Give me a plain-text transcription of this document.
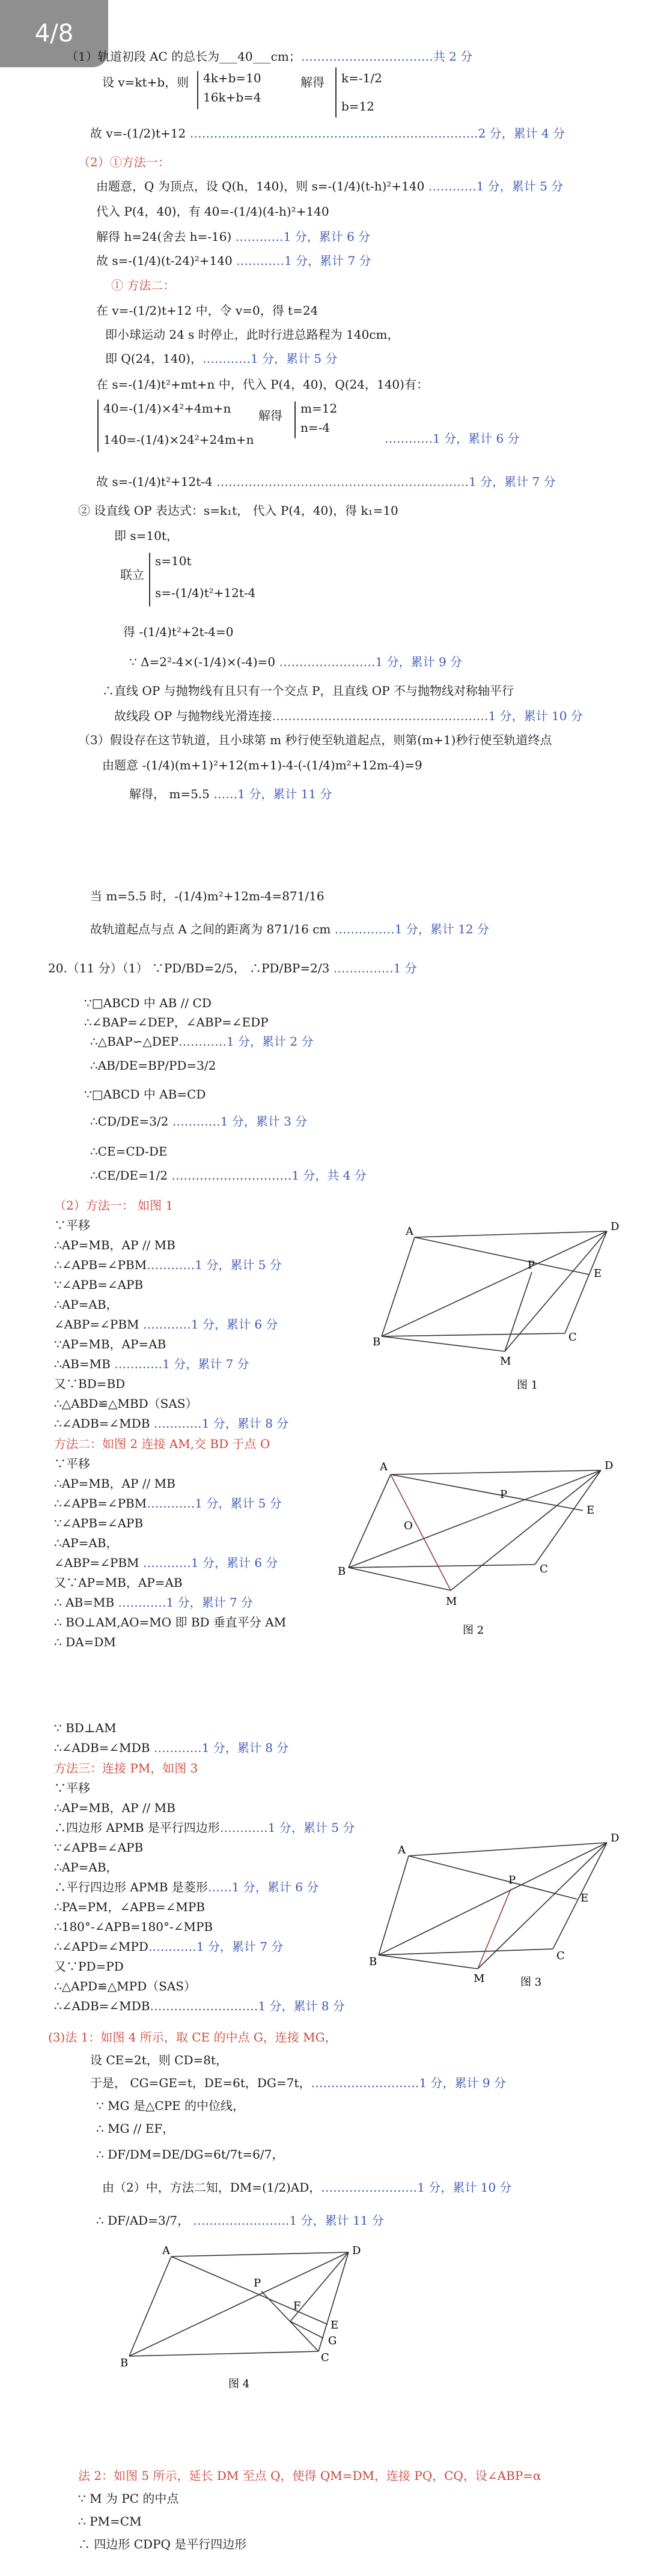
4/8
（1）轨道初段 AC 的总长为___40___cm；……………………………共 2 分
设 v=kt+b，则 4k+b=10
16k+b=4
解得 k=-1/2
b=12
故 v=-(1/2)t+12 ………………………………………………………………2 分，累计 4 分
（2）①方法一：
由题意，Q 为顶点，设 Q(h，140)，则 s=-(1/4)(t-h)²+140 …………1 分，累计 5 分
代入 P(4，40)，有 40=-(1/4)(4-h)²+140
解得 h=24(舍去 h=-16) …………1 分，累计 6 分
故 s=-(1/4)(t-24)²+140 …………1 分，累计 7 分
① 方法二：
在 v=-(1/2)t+12 中，令 v=0，得 t=24
即小球运动 24 s 时停止，此时行进总路程为 140cm，
即 Q(24，140)，…………1 分，累计 5 分
在 s=-(1/4)t²+mt+n 中，代入 P(4，40)，Q(24，140)有：
40=-(1/4)×4²+4m+n
140=-(1/4)×24²+24m+n
解得 m=12
n=-4
…………1 分，累计 6 分
故 s=-(1/4)t²+12t-4 ………………………………………………………1 分，累计 7 分
② 设直线 OP 表达式：s=k₁t， 代入 P(4，40)，得 k₁=10
即 s=10t，
联立
s=10t
s=-(1/4)t²+12t-4
得 -(1/4)t²+2t-4=0
∵ Δ=2²-4×(-1/4)×(-4)=0 ……………………1 分，累计 9 分
∴直线 OP 与抛物线有且只有一个交点 P，且直线 OP 不与抛物线对称轴平行
故线段 OP 与抛物线光滑连接………………………………………………1 分，累计 10 分
（3）假设存在这节轨道，且小球第 m 秒行使至轨道起点，则第(m+1)秒行使至轨道终点
由题意 -(1/4)(m+1)²+12(m+1)-4-(-(1/4)m²+12m-4)=9
解得， m=5.5 ……1 分，累计 11 分
当 m=5.5 时，-(1/4)m²+12m-4=871/16
故轨道起点与点 A 之间的距离为 871/16 cm ……………1 分，累计 12 分
20.（11 分）（1） ∵PD/BD=2/5， ∴PD/BP=2/3 ……………1 分
∵□ABCD 中 AB // CD
∴∠BAP=∠DEP，∠ABP=∠EDP
∴△BAP∽△DEP…………1 分，累计 2 分
∴AB/DE=BP/PD=3/2
∵□ABCD 中 AB=CD
∴CD/DE=3/2 …………1 分，累计 3 分
∴CE=CD-DE
∴CE/DE=1/2 …………………………1 分，共 4 分
（2）方法一： 如图 1
∵平移
∴AP=MB，AP // MB
∴∠APB=∠PBM…………1 分，累计 5 分
∵∠APB=∠APB
∴AP=AB，
∠ABP=∠PBM …………1 分，累计 6 分
∵AP=MB，AP=AB
∴AB=MB …………1 分，累计 7 分
又∵BD=BD
∴△ABD≌△MBD（SAS）
∴∠ADB=∠MDB …………1 分，累计 8 分
方法二：如图 2 连接 AM,交 BD 于点 O
∵平移
∴AP=MB，AP // MB
∴∠APB=∠PBM…………1 分，累计 5 分
∵∠APB=∠APB
∴AP=AB，
∠ABP=∠PBM …………1 分，累计 6 分
又∵AP=MB，AP=AB
∴ AB=MB …………1 分，累计 7 分
∴ BO⊥AM,AO=MO 即 BD 垂直平分 AM
∴ DA=DM
∵ BD⊥AM
∴∠ADB=∠MDB …………1 分，累计 8 分
方法三：连接 PM，如图 3
∵平移
∴AP=MB，AP // MB
∴四边形 APMB 是平行四边形…………1 分，累计 5 分
∵∠APB=∠APB
∴AP=AB，
∴平行四边形 APMB 是菱形……1 分，累计 6 分
∴PA=PM，∠APB=∠MPB
∴180°-∠APB=180°-∠MPB
∴∠APD=∠MPD…………1 分，累计 7 分
又∵PD=PD
∴△APD≌△MPD（SAS）
∴∠ADB=∠MDB………………………1 分，累计 8 分
(3)法 1：如图 4 所示，取 CE 的中点 G，连接 MG，
设 CE=2t，则 CD=8t，
于是， CG=GE=t，DE=6t，DG=7t，………………………1 分，累计 9 分
∵ MG 是△CPE 的中位线，
∴ MG // EF，
∴ DF/DM=DE/DG=6t/7t=6/7，
由（2）中，方法二知，DM=(1/2)AD，……………………1 分，累计 10 分
∴ DF/AD=3/7， ……………………1 分，累计 11 分
法 2：如图 5 所示，延长 DM 至点 Q，使得 QM=DM，连接 PQ，CQ，设∠ABP=α
∵ M 为 PC 的中点
∴ PM=CM
∴ 四边形 CDPQ 是平行四边形
A	D
E
P
C
B
M
图 1
A	D
E
P
C
B
M
O
图 2
A
D
E
P
C
B
M	图 3
A	D
P
F
E
G
C
B
图 4
